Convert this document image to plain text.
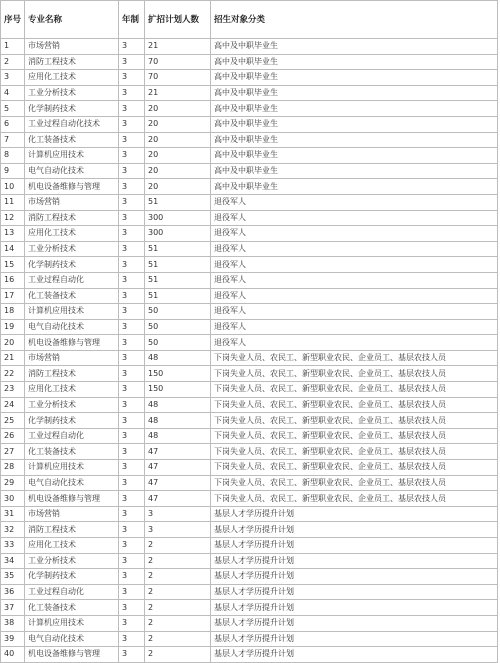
序号	专业名称	年制	扩招计划人数	招生对象分类
1	市场营销	3	21	高中及中职毕业生
2	消防工程技术	3	70	高中及中职毕业生
3	应用化工技术	3	70	高中及中职毕业生
4	工业分析技术	3	21	高中及中职毕业生
5	化学制药技术	3	20	高中及中职毕业生
6	工业过程自动化技术	3	20	高中及中职毕业生
7	化工装备技术	3	20	高中及中职毕业生
8	计算机应用技术	3	20	高中及中职毕业生
9	电气自动化技术	3	20	高中及中职毕业生
10	机电设备维修与管理	3	20	高中及中职毕业生
11	市场营销	3	51	退役军人
12	消防工程技术	3	300	退役军人
13	应用化工技术	3	300	退役军人
14	工业分析技术	3	51	退役军人
15	化学制药技术	3	51	退役军人
16	工业过程自动化	3	51	退役军人
17	化工装备技术	3	51	退役军人
18	计算机应用技术	3	50	退役军人
19	电气自动化技术	3	50	退役军人
20	机电设备维修与管理	3	50	退役军人
21	市场营销	3	48	下岗失业人员、农民工、新型职业农民、企业员工、基层农技人员
22	消防工程技术	3	150	下岗失业人员、农民工、新型职业农民、企业员工、基层农技人员
23	应用化工技术	3	150	下岗失业人员、农民工、新型职业农民、企业员工、基层农技人员
24	工业分析技术	3	48	下岗失业人员、农民工、新型职业农民、企业员工、基层农技人员
25	化学制药技术	3	48	下岗失业人员、农民工、新型职业农民、企业员工、基层农技人员
26	工业过程自动化	3	48	下岗失业人员、农民工、新型职业农民、企业员工、基层农技人员
27	化工装备技术	3	47	下岗失业人员、农民工、新型职业农民、企业员工、基层农技人员
28	计算机应用技术	3	47	下岗失业人员、农民工、新型职业农民、企业员工、基层农技人员
29	电气自动化技术	3	47	下岗失业人员、农民工、新型职业农民、企业员工、基层农技人员
30	机电设备维修与管理	3	47	下岗失业人员、农民工、新型职业农民、企业员工、基层农技人员
31	市场营销	3	3	基层人才学历提升计划
32	消防工程技术	3	3	基层人才学历提升计划
33	应用化工技术	3	2	基层人才学历提升计划
34	工业分析技术	3	2	基层人才学历提升计划
35	化学制药技术	3	2	基层人才学历提升计划
36	工业过程自动化	3	2	基层人才学历提升计划
37	化工装备技术	3	2	基层人才学历提升计划
38	计算机应用技术	3	2	基层人才学历提升计划
39	电气自动化技术	3	2	基层人才学历提升计划
40	机电设备维修与管理	3	2	基层人才学历提升计划
